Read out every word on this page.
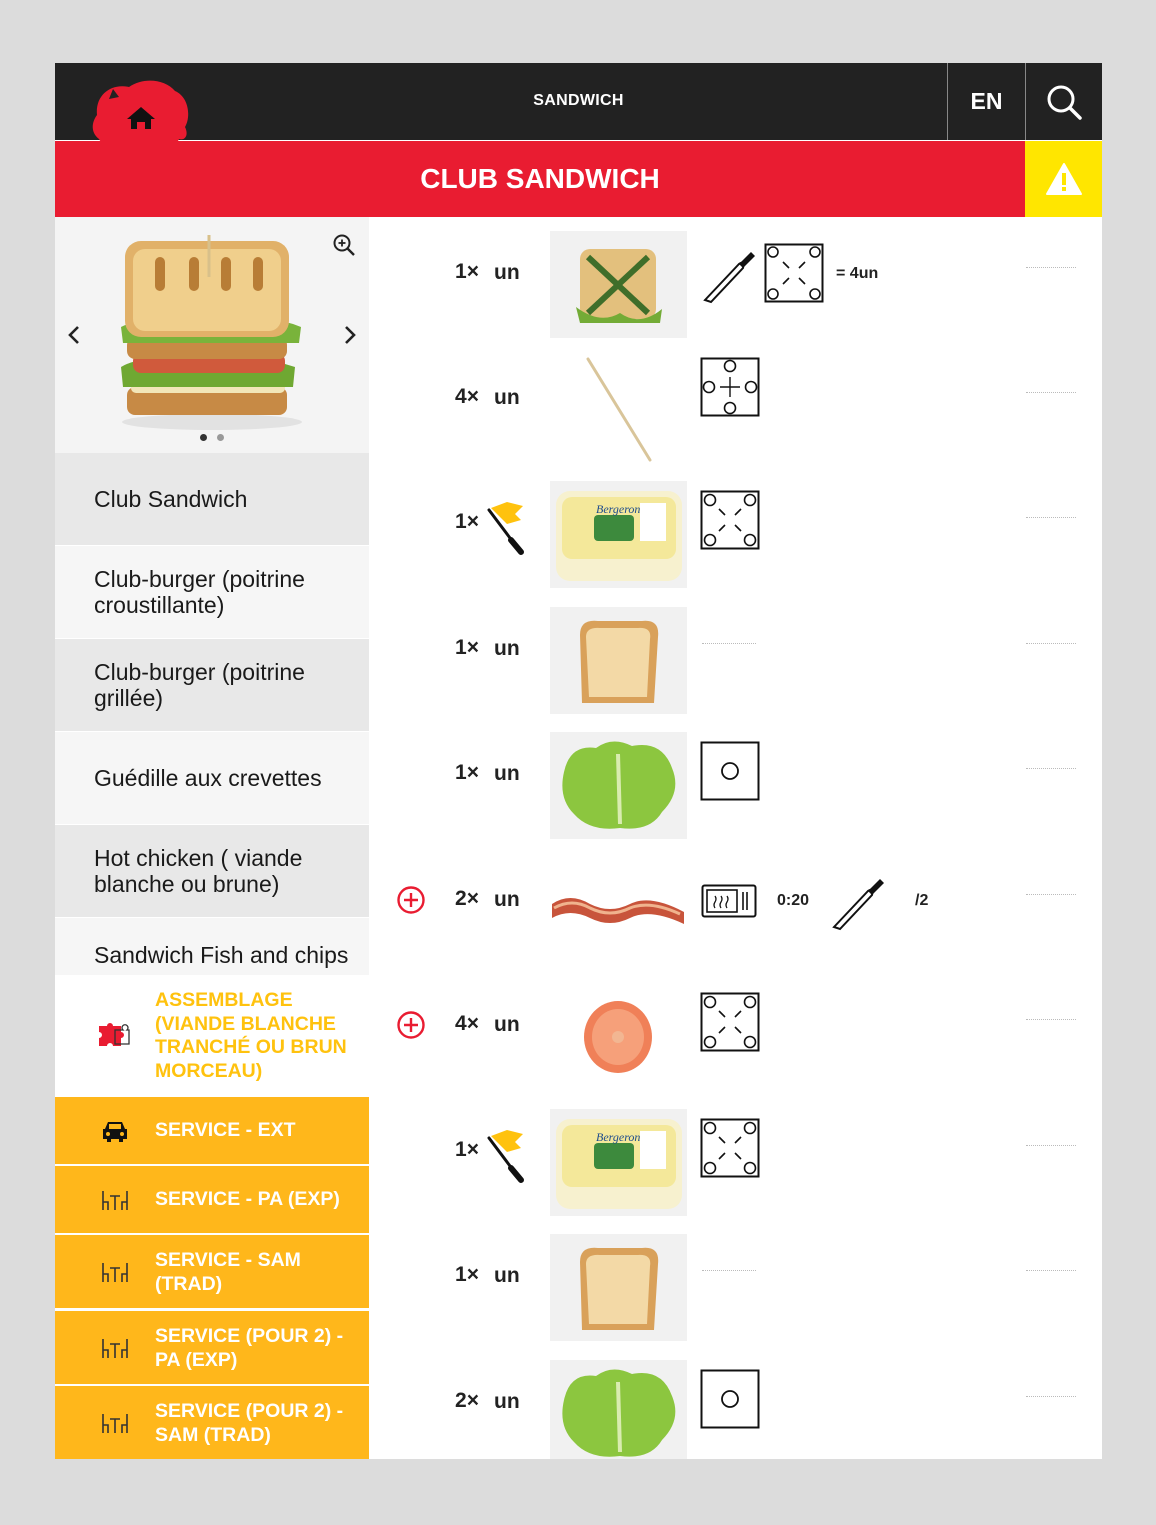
SANDWICH	EN
CLUB SANDWICH
Club Sandwich
Club-burger (poitrine croustillante)
Club-burger (poitrine grillée)
Guédille aux crevettes
Hot chicken ( viande blanche ou brune)
Sandwich Fish and chips
ASSEMBLAGE (VIANDE BLANCHE TRANCHÉ OU BRUN MORCEAU)
SERVICE - EXT
SERVICE - PA (EXP)
SERVICE - SAM (TRAD)
SERVICE (POUR 2) - PA (EXP)
SERVICE (POUR 2) - SAM (TRAD)
1× un	= 4un
4× un
1×
Bergeron
1× un
1× un
2× un	0:20	/2
4× un
1×
Bergeron
1× un
2× un
